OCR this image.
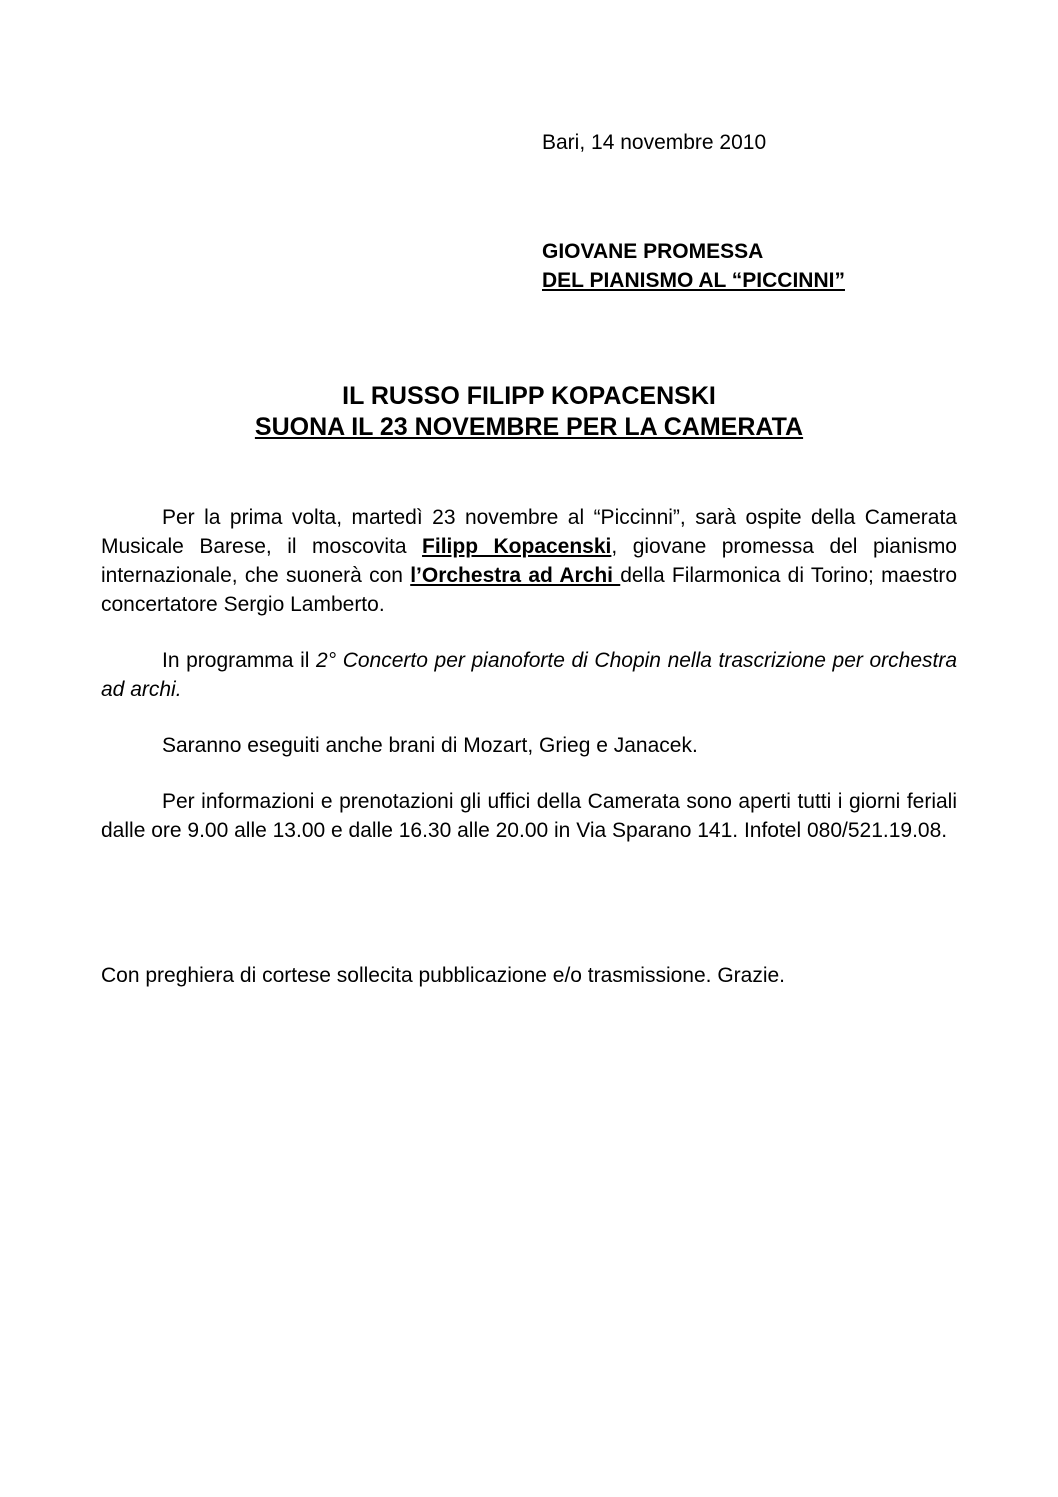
Bari, 14 novembre 2010
GIOVANE PROMESSA
DEL PIANISMO AL “PICCINNI”
IL RUSSO FILIPP KOPACENSKI
SUONA IL 23 NOVEMBRE PER LA CAMERATA

Per la prima volta, martedì 23 novembre al “Piccinni”, sarà ospite della Camerata Musicale Barese, il moscovita Filipp Kopacenski, giovane promessa del pianismo internazionale, che suonerà con l’Orchestra ad Archi della Filarmonica di Torino; maestro concertatore Sergio Lamberto.

In programma il 2° Concerto per pianoforte di Chopin nella trascrizione per orchestra ad archi.

Saranno eseguiti anche brani di Mozart, Grieg e Janacek.

Per informazioni e prenotazioni gli uffici della Camerata sono aperti tutti i giorni feriali dalle ore 9.00 alle 13.00 e dalle 16.30 alle 20.00 in Via Sparano 141. Infotel 080/521.19.08.

Con preghiera di cortese sollecita pubblicazione e/o trasmissione. Grazie.
